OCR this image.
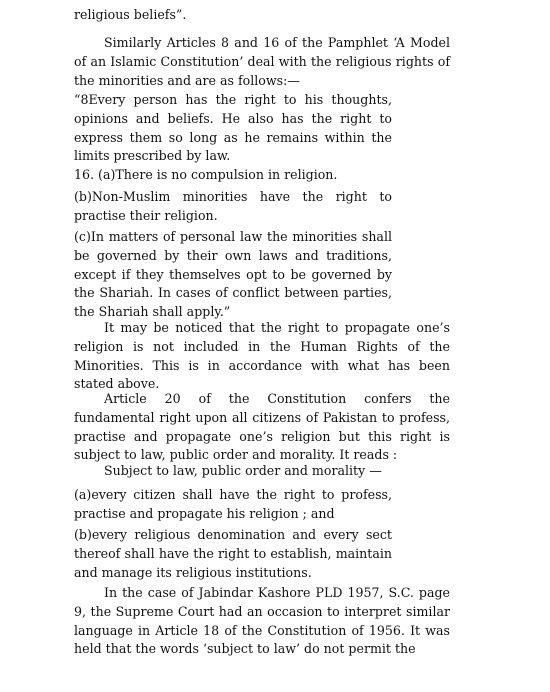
religious beliefs”.

Similarly Articles 8 and 16 of the Pamphlet ‘A Model of an Islamic Constitution’ deal with the religious rights of the minorities and are as follows:—

“8Every person has the right to his thoughts, opinions and beliefs. He also has the right to express them so long as he remains within the limits prescribed by law.

16. (a)There is no compulsion in religion.

(b)Non-Muslim minorities have the right to practise their religion.

(c)In matters of personal law the minorities shall be governed by their own laws and traditions, except if they themselves opt to be governed by the Shariah. In cases of conflict between parties, the Shariah shall apply.”

It may be noticed that the right to propagate one’s religion is not included in the Human Rights of the Minorities. This is in accordance with what has been stated above.

Article 20 of the Constitution confers the fundamental right upon all citizens of Pakistan to profess, practise and propagate one’s religion but this right is subject to law, public order and morality. It reads :

Subject to law, public order and morality —

(a)every citizen shall have the right to profess, practise and propagate his religion ; and

(b)every religious denomination and every sect thereof shall have the right to establish, maintain and manage its religious institutions.

In the case of Jabindar Kashore PLD 1957, S.C. page 9, the Supreme Court had an occasion to interpret similar language in Article 18 of the Constitution of 1956. It was held that the words ‘subject to law’ do not permit the
